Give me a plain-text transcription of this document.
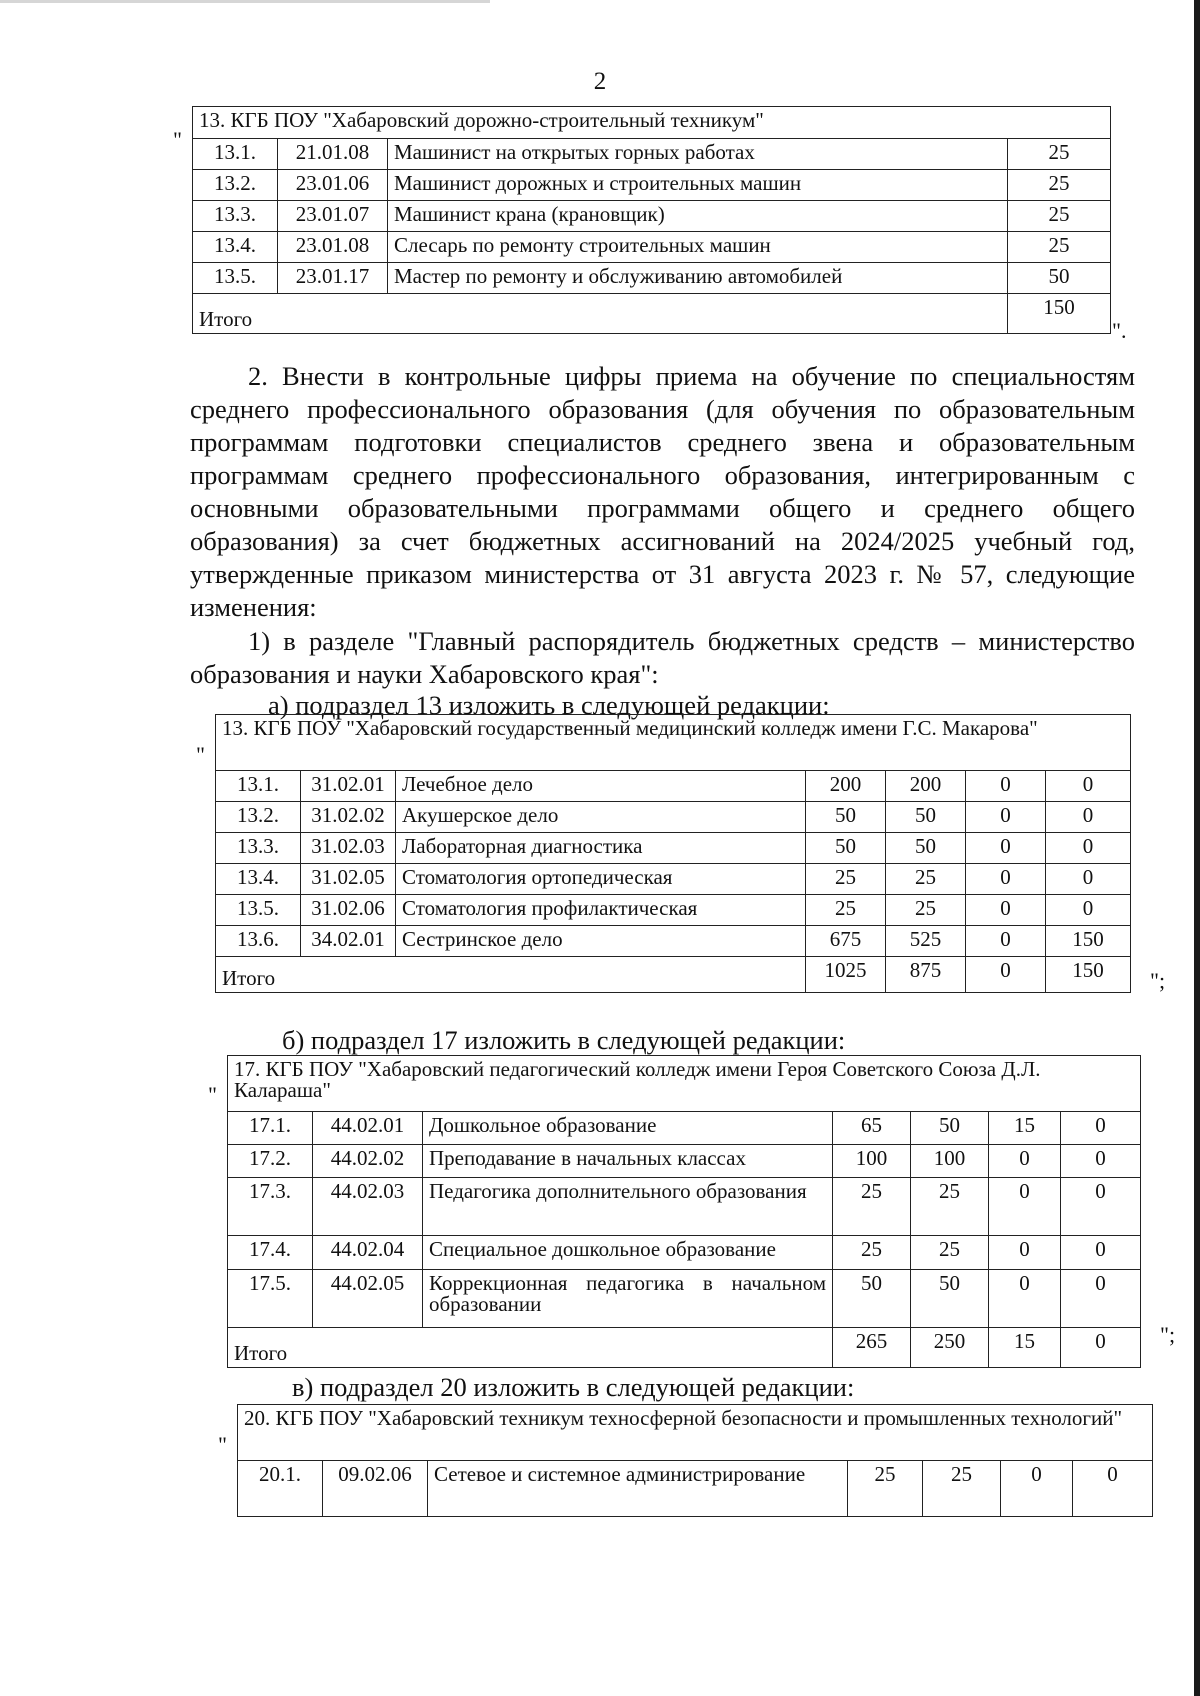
2
"
13. КГБ ПОУ "Хабаровский дорожно-строительный техникум"			
13.1.	21.01.08	Машинист на открытых горных работах	25
13.2.	23.01.06	Машинист дорожных и строительных машин	25
13.3.	23.01.07	Машинист крана (крановщик)	25
13.4.	23.01.08	Слесарь по ремонту строительных машин	25
13.5.	23.01.17	Мастер по ремонту и обслуживанию автомобилей	50
Итого			150
".

2. Внести в контрольные цифры приема на обучение по специальностям среднего профессионального образования (для обучения по образовательным программам подготовки специалистов среднего звена и образовательным программам среднего профессионального образования, интегрированным с основными образовательными программами общего и среднего общего образования) за счет бюджетных ассигнований на 2024/2025 учебный год, утвержденные приказом министерства от 31 августа 2023 г. № 57, следующие изменения:

1) в разделе "Главный распорядитель бюджетных средств – министерство образования и науки Хабаровского края":

а) подраздел 13 изложить в следующей редакции:

"
13. КГБ ПОУ "Хабаровский государственный медицинский колледж имени Г.С. Макарова"						
13.1.	31.02.01	Лечебное дело	200	200	0	0
13.2.	31.02.02	Акушерское дело	50	50	0	0
13.3.	31.02.03	Лабораторная диагностика	50	50	0	0
13.4.	31.02.05	Стоматология ортопедическая	25	25	0	0
13.5.	31.02.06	Стоматология профилактическая	25	25	0	0
13.6.	34.02.01	Сестринское дело	675	525	0	150
Итого			1025	875	0	150 ";

б) подраздел 17 изложить в следующей редакции:

"
17. КГБ ПОУ "Хабаровский педагогический колледж имени Героя Советского Союза Д.Л. Калараша"						
17.1.	44.02.01	Дошкольное образование	65	50	15	0
17.2.	44.02.02	Преподавание в начальных классах	100	100	0	0
17.3.	44.02.03	Педагогика дополнительного образования	25	25	0	0
17.4.	44.02.04	Специальное дошкольное образование	25	25	0	0
17.5.	44.02.05	Коррекционная педагогика в начальном образовании	50	50	0	0
Итого			265	250	15	0 ";

в) подраздел 20 изложить в следующей редакции:

"
20. КГБ ПОУ "Хабаровский техникум техносферной безопасности и промышленных технологий"
20.1.	09.02.06	Сетевое и системное администрирование	25	25	0	0
